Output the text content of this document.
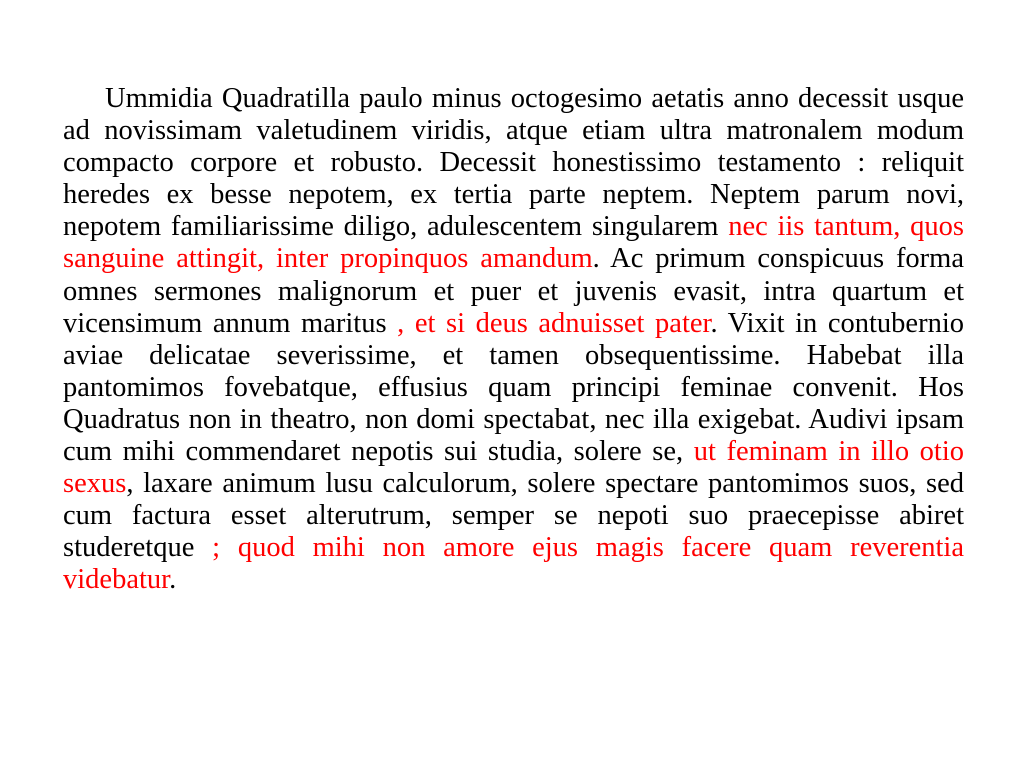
Ummidia Quadratilla paulo minus octogesimo aetatis anno decessit usque ad novissimam valetudinem viridis, atque etiam ultra matronalem modum compacto corpore et robusto. Decessit honestissimo testamento : reliquit heredes ex besse nepotem, ex tertia parte neptem. Neptem parum novi, nepotem familiarissime diligo, adulescentem singularem nec iis tantum, quos sanguine attingit, inter propinquos amandum. Ac primum conspicuus forma omnes sermones malignorum et puer et juvenis evasit, intra quartum et vicensimum annum maritus , et si deus adnuisset pater. Vixit in contubernio aviae delicatae severissime, et tamen obsequentissime. Habebat illa pantomimos fovebatque, effusius quam principi feminae convenit. Hos Quadratus non in theatro, non domi spectabat, nec illa exigebat. Audivi ipsam cum mihi commendaret nepotis sui studia, solere se, ut feminam in illo otio sexus, laxare animum lusu calculorum, solere spectare pantomimos suos, sed cum factura esset alterutrum, semper se nepoti suo praecepisse abiret studeretque ; quod mihi non amore ejus magis facere quam reverentia videbatur.
